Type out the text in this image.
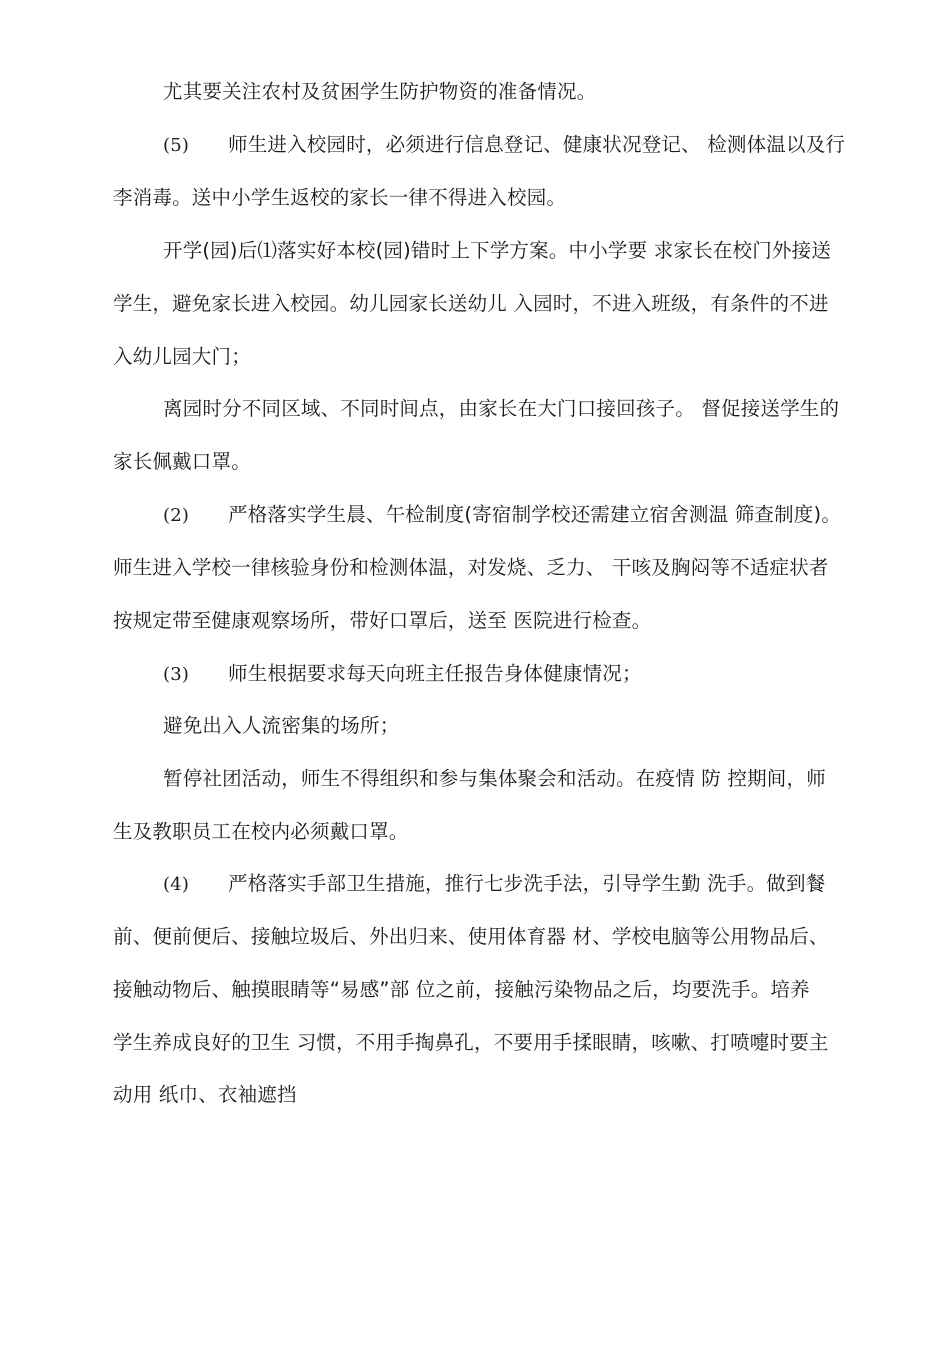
尤其要关注农村及贫困学生防护物资的准备情况。
(5) 师生进入校园时，必须进行信息登记、健康状况登记、 检测体温以及行
李消毒。送中小学生返校的家长一律不得进入校园。
开学(园)后⑴落实好本校(园)错时上下学方案。中小学要 求家长在校门外接送
学生，避免家长进入校园。幼儿园家长送幼儿 入园时，不进入班级，有条件的不进
入幼儿园大门；
离园时分不同区域、不同时间点，由家长在大门口接回孩子。 督促接送学生的
家长佩戴口罩。
(2) 严格落实学生晨、午检制度(寄宿制学校还需建立宿舍测温 筛查制度)。
师生进入学校一律核验身份和检测体温，对发烧、乏力、 干咳及胸闷等不适症状者
按规定带至健康观察场所，带好口罩后，送至 医院进行检查。
(3) 师生根据要求每天向班主任报告身体健康情况；
避免出入人流密集的场所；
暂停社团活动，师生不得组织和参与集体聚会和活动。在疫情 防 控期间，师
生及教职员工在校内必须戴口罩。
(4) 严格落实手部卫生措施，推行七步洗手法，引导学生勤 洗手。做到餐
前、便前便后、接触垃圾后、外出归来、使用体育器 材、学校电脑等公用物品后、
接触动物后、触摸眼睛等“易感”部 位之前，接触污染物品之后，均要洗手。培养
学生养成良好的卫生 习惯，不用手掏鼻孔，不要用手揉眼睛，咳嗽、打喷嚏时要主
动用 纸巾、衣袖遮挡
